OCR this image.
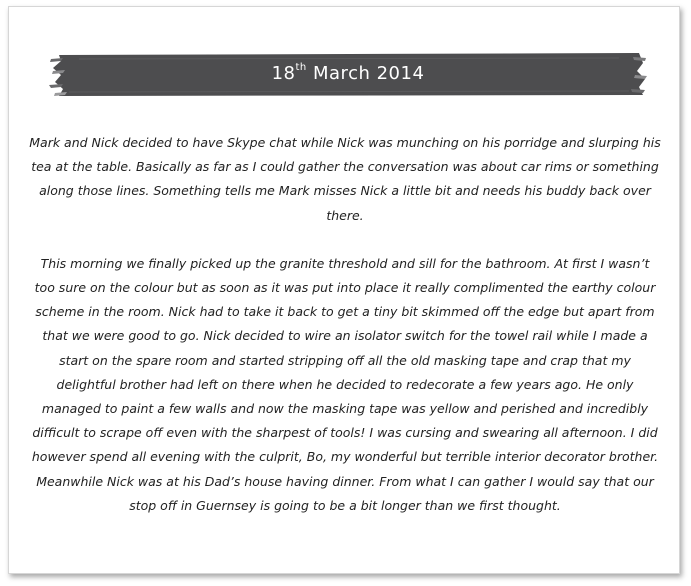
18th March 2014

Mark and Nick decided to have Skype chat while Nick was munching on his porridge and slurping his tea at the table. Basically as far as I could gather the conversation was about car rims or something along those lines. Something tells me Mark misses Nick a little bit and needs his buddy back over there.

This morning we finally picked up the granite threshold and sill for the bathroom. At first I wasn’t too sure on the colour but as soon as it was put into place it really complimented the earthy colour scheme in the room. Nick had to take it back to get a tiny bit skimmed off the edge but apart from that we were good to go. Nick decided to wire an isolator switch for the towel rail while I made a start on the spare room and started stripping off all the old masking tape and crap that my delightful brother had left on there when he decided to redecorate a few years ago. He only managed to paint a few walls and now the masking tape was yellow and perished and incredibly difficult to scrape off even with the sharpest of tools! I was cursing and swearing all afternoon. I did however spend all evening with the culprit, Bo, my wonderful but terrible interior decorator brother. Meanwhile Nick was at his Dad’s house having dinner. From what I can gather I would say that our stop off in Guernsey is going to be a bit longer than we first thought.
